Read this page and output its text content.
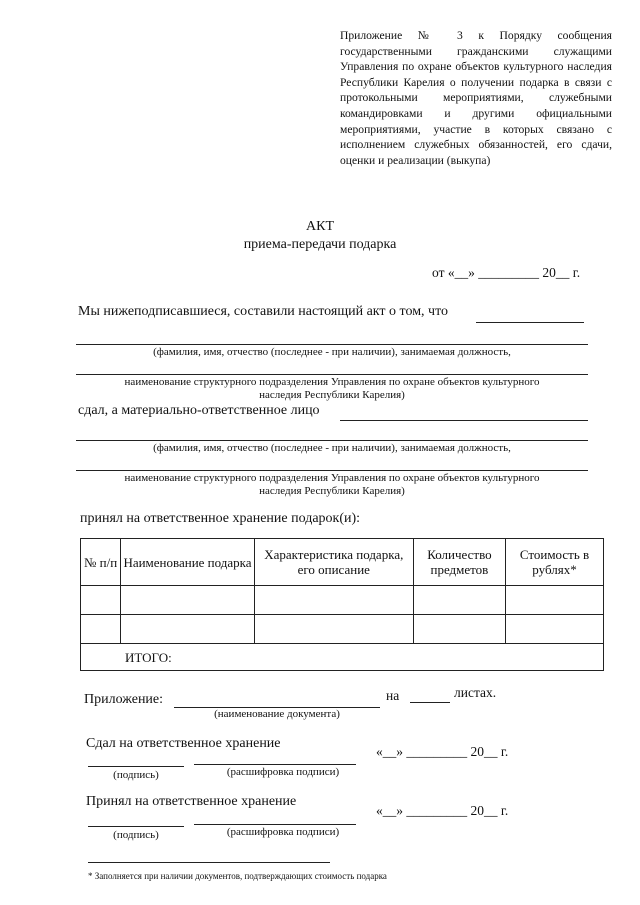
Приложение № 3 к Порядку сообщения государственными гражданскими служащими Управления по охране объектов культурного наследия Республики Карелия о получении подарка в связи с протокольными мероприятиями, служебными командировками и другими официальными мероприятиями, участие в которых связано с исполнением служебных обязанностей, его сдачи, оценки и реализации (выкупа)
АКТ
приема-передачи подарка
от «__» _________ 20__ г.
Мы нижеподписавшиеся, составили настоящий акт о том, что
(фамилия, имя, отчество (последнее - при наличии), занимаемая должность,
наименование структурного подразделения Управления по охране объектов культурного
наследия Республики Карелия)
сдал, а материально-ответственное лицо
(фамилия, имя, отчество (последнее - при наличии), занимаемая должность,
наименование структурного подразделения Управления по охране объектов культурного
наследия Республики Карелия)
принял на ответственное хранение подарок(и):
№ п/п	Наименование подарка	Характеристика подарка, его описание	Количество предметов	Стоимость в рублях*

ИТОГО:				
Приложение:	на	листах.
(наименование документа)
Сдал на ответственное хранение
«__» _________ 20__ г.
(подпись)	(расшифровка подписи)
Принял на ответственное хранение
«__» _________ 20__ г.
(подпись)	(расшифровка подписи)
* Заполняется при наличии документов, подтверждающих стоимость подарка
